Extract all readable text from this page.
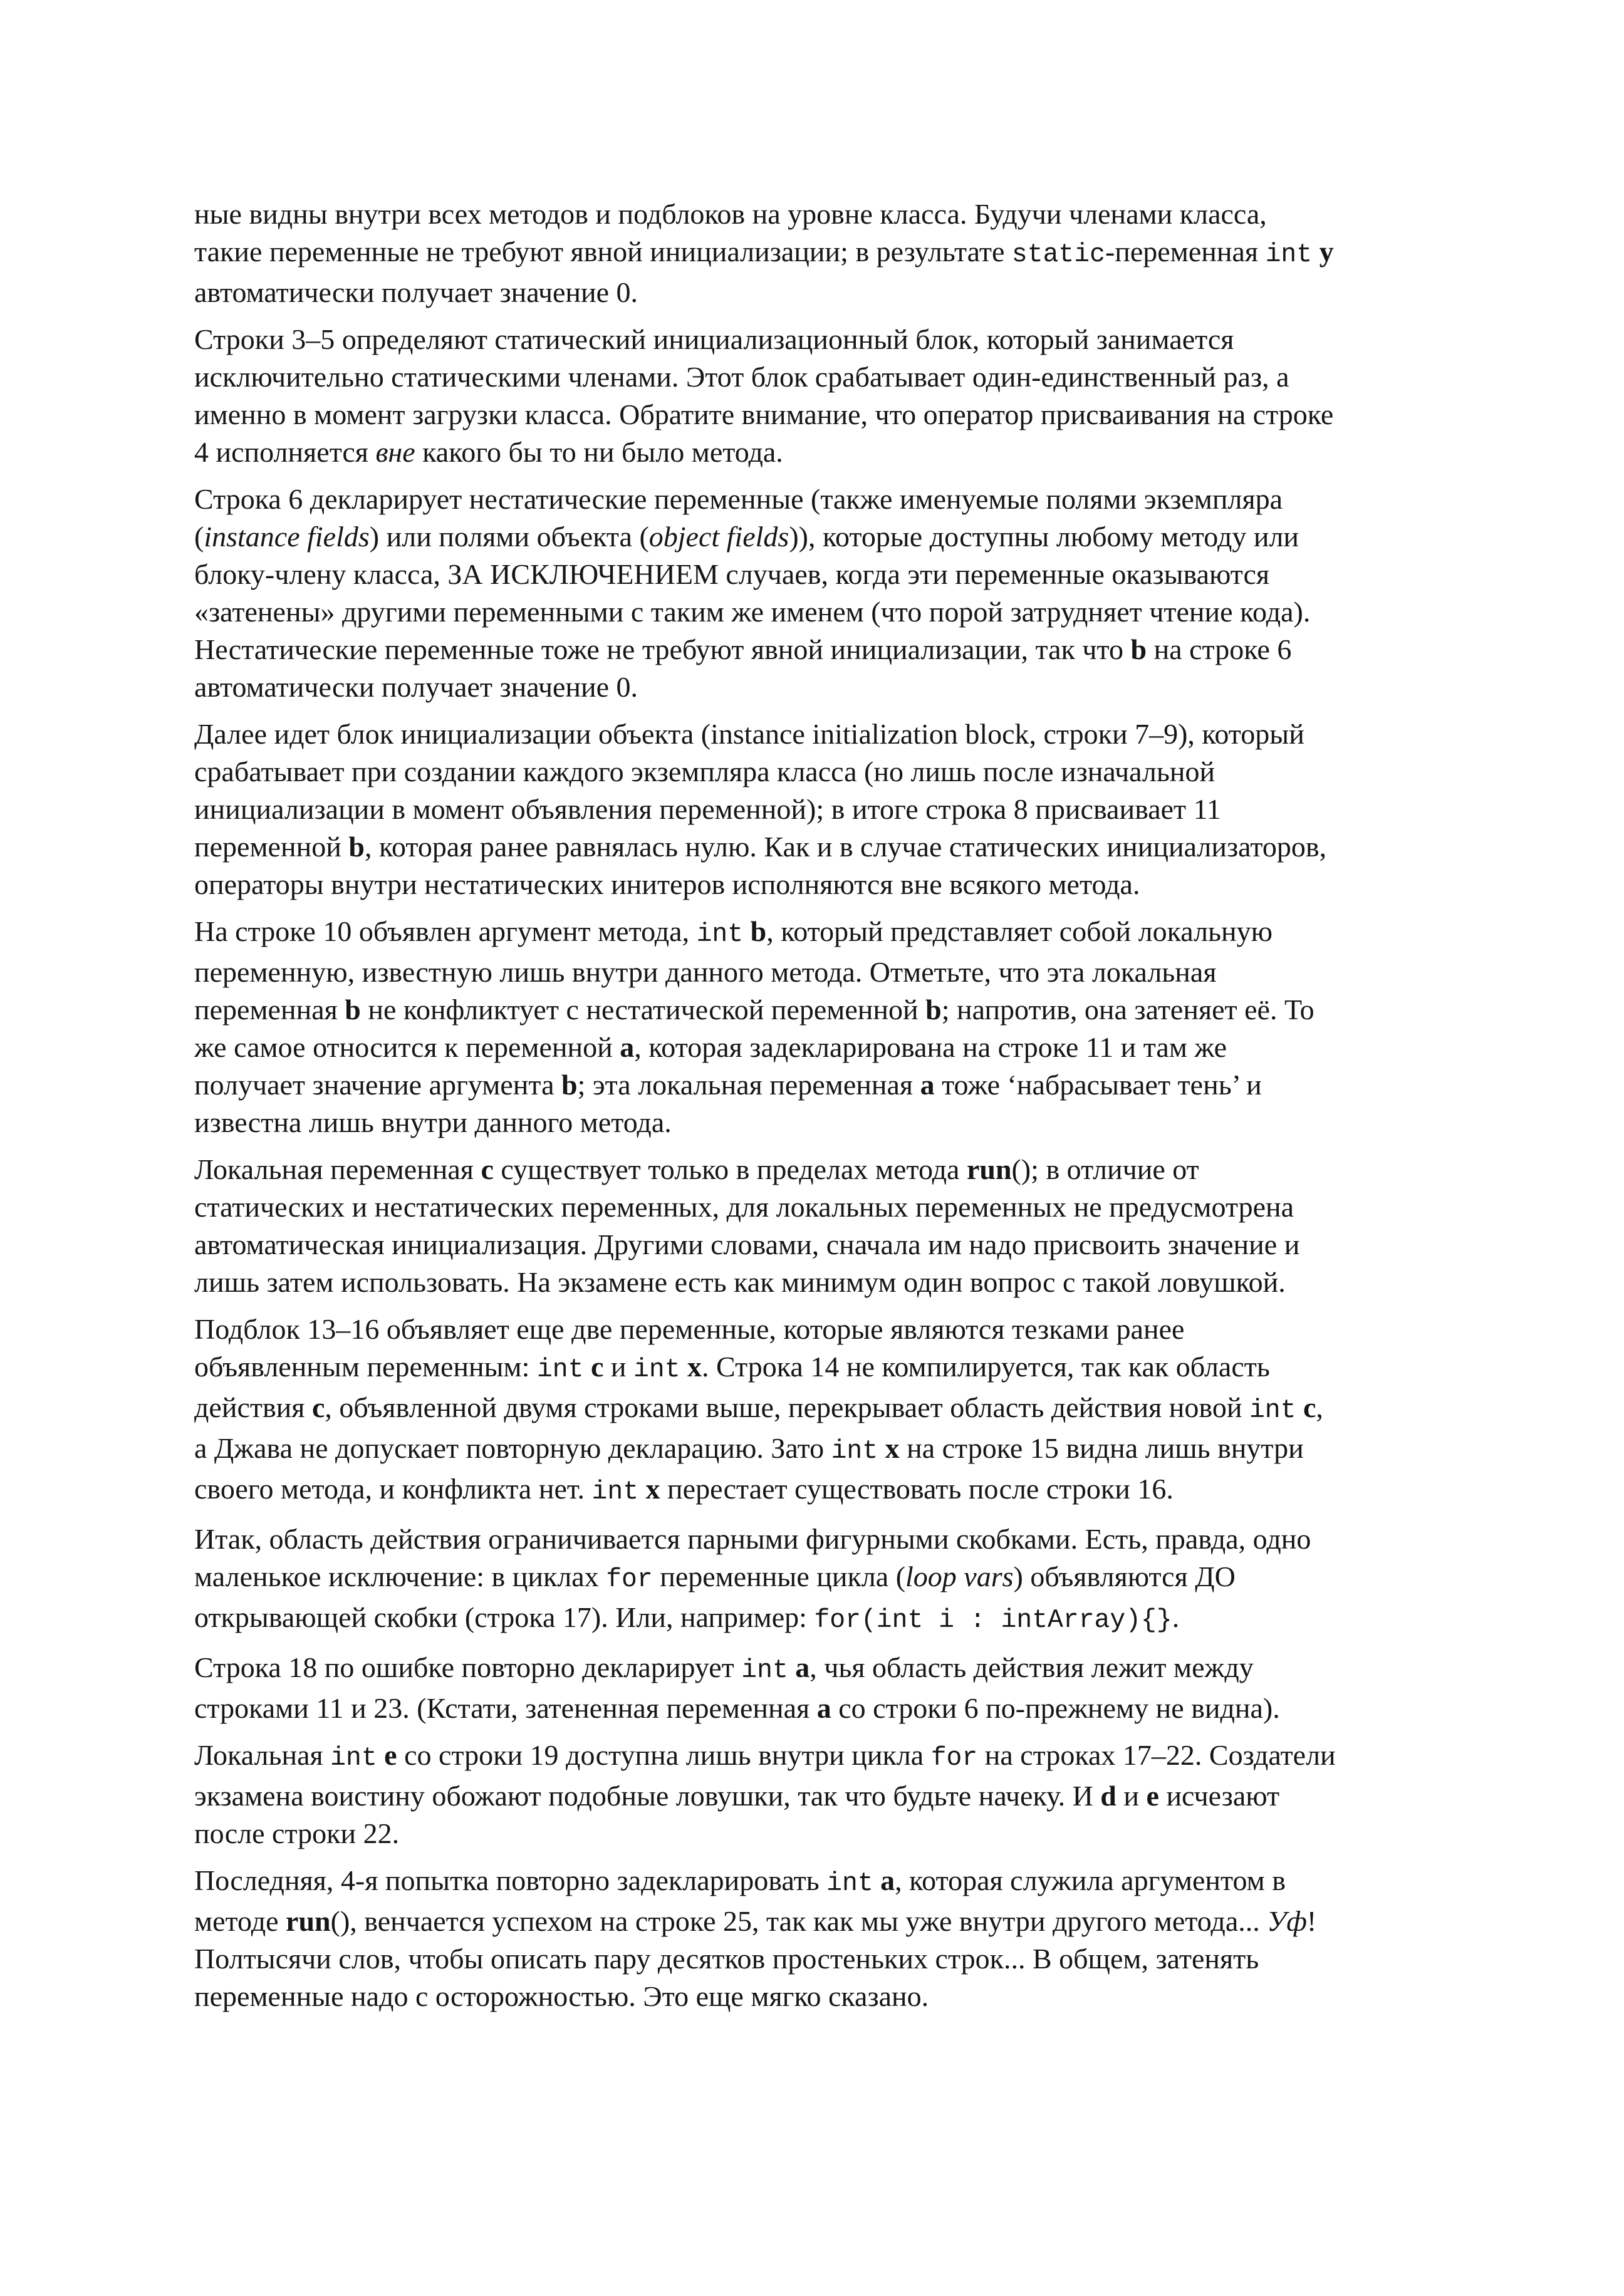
ные видны внутри всех методов и подблоков на уровне класса. Будучи членами класса,
такие переменные не требуют явной инициализации; в результате static-переменная int y
автоматически получает значение 0.
Строки 3–5 определяют статический инициализационный блок, который занимается
исключительно статическими членами. Этот блок срабатывает один-единственный раз, а
именно в момент загрузки класса. Обратите внимание, что оператор присваивания на строке
4 исполняется вне какого бы то ни было метода.
Строка 6 декларирует нестатические переменные (также именуемые полями экземпляра
(instance fields) или полями объекта (object fields)), которые доступны любому методу или
блоку-члену класса, ЗА ИСКЛЮЧЕНИЕМ случаев, когда эти переменные оказываются
«затенены» другими переменными с таким же именем (что порой затрудняет чтение кода).
Нестатические переменные тоже не требуют явной инициализации, так что b на строке 6
автоматически получает значение 0.
Далее идет блок инициализации объекта (instance initialization block, строки 7–9), который
срабатывает при создании каждого экземпляра класса (но лишь после изначальной
инициализации в момент объявления переменной); в итоге строка 8 присваивает 11
переменной b, которая ранее равнялась нулю. Как и в случае статических инициализаторов,
операторы внутри нестатических инитеров исполняются вне всякого метода.
На строке 10 объявлен аргумент метода, int b, который представляет собой локальную
переменную, известную лишь внутри данного метода. Отметьте, что эта локальная
переменная b не конфликтует с нестатической переменной b; напротив, она затеняет её. То
же самое относится к переменной a, которая задекларирована на строке 11 и там же
получает значение аргумента b; эта локальная переменная a тоже ‘набрасывает тень’ и
известна лишь внутри данного метода.
Локальная переменная c существует только в пределах метода run(); в отличие от
статических и нестатических переменных, для локальных переменных не предусмотрена
автоматическая инициализация. Другими словами, сначала им надо присвоить значение и
лишь затем использовать. На экзамене есть как минимум один вопрос с такой ловушкой.
Подблок 13–16 объявляет еще две переменные, которые являются тезками ранее
объявленным переменным: int c и int x. Строка 14 не компилируется, так как область
действия c, объявленной двумя строками выше, перекрывает область действия новой int c,
а Джава не допускает повторную декларацию. Зато int x на строке 15 видна лишь внутри
своего метода, и конфликта нет. int x перестает существовать после строки 16.
Итак, область действия ограничивается парными фигурными скобками. Есть, правда, одно
маленькое исключение: в циклах for переменные цикла (loop vars) объявляются ДО
открывающей скобки (строка 17). Или, например: for(int i : intArray){}.
Строка 18 по ошибке повторно декларирует int a, чья область действия лежит между
строками 11 и 23. (Кстати, затененная переменная a со строки 6 по-прежнему не видна).
Локальная int e со строки 19 доступна лишь внутри цикла for на строках 17–22. Создатели
экзамена воистину обожают подобные ловушки, так что будьте начеку. И d и e исчезают
после строки 22.
Последняя, 4-я попытка повторно задекларировать int a, которая служила аргументом в
методе run(), венчается успехом на строке 25, так как мы уже внутри другого метода... Уф!
Полтысячи слов, чтобы описать пару десятков простеньких строк... В общем, затенять
переменные надо с осторожностью. Это еще мягко сказано.
